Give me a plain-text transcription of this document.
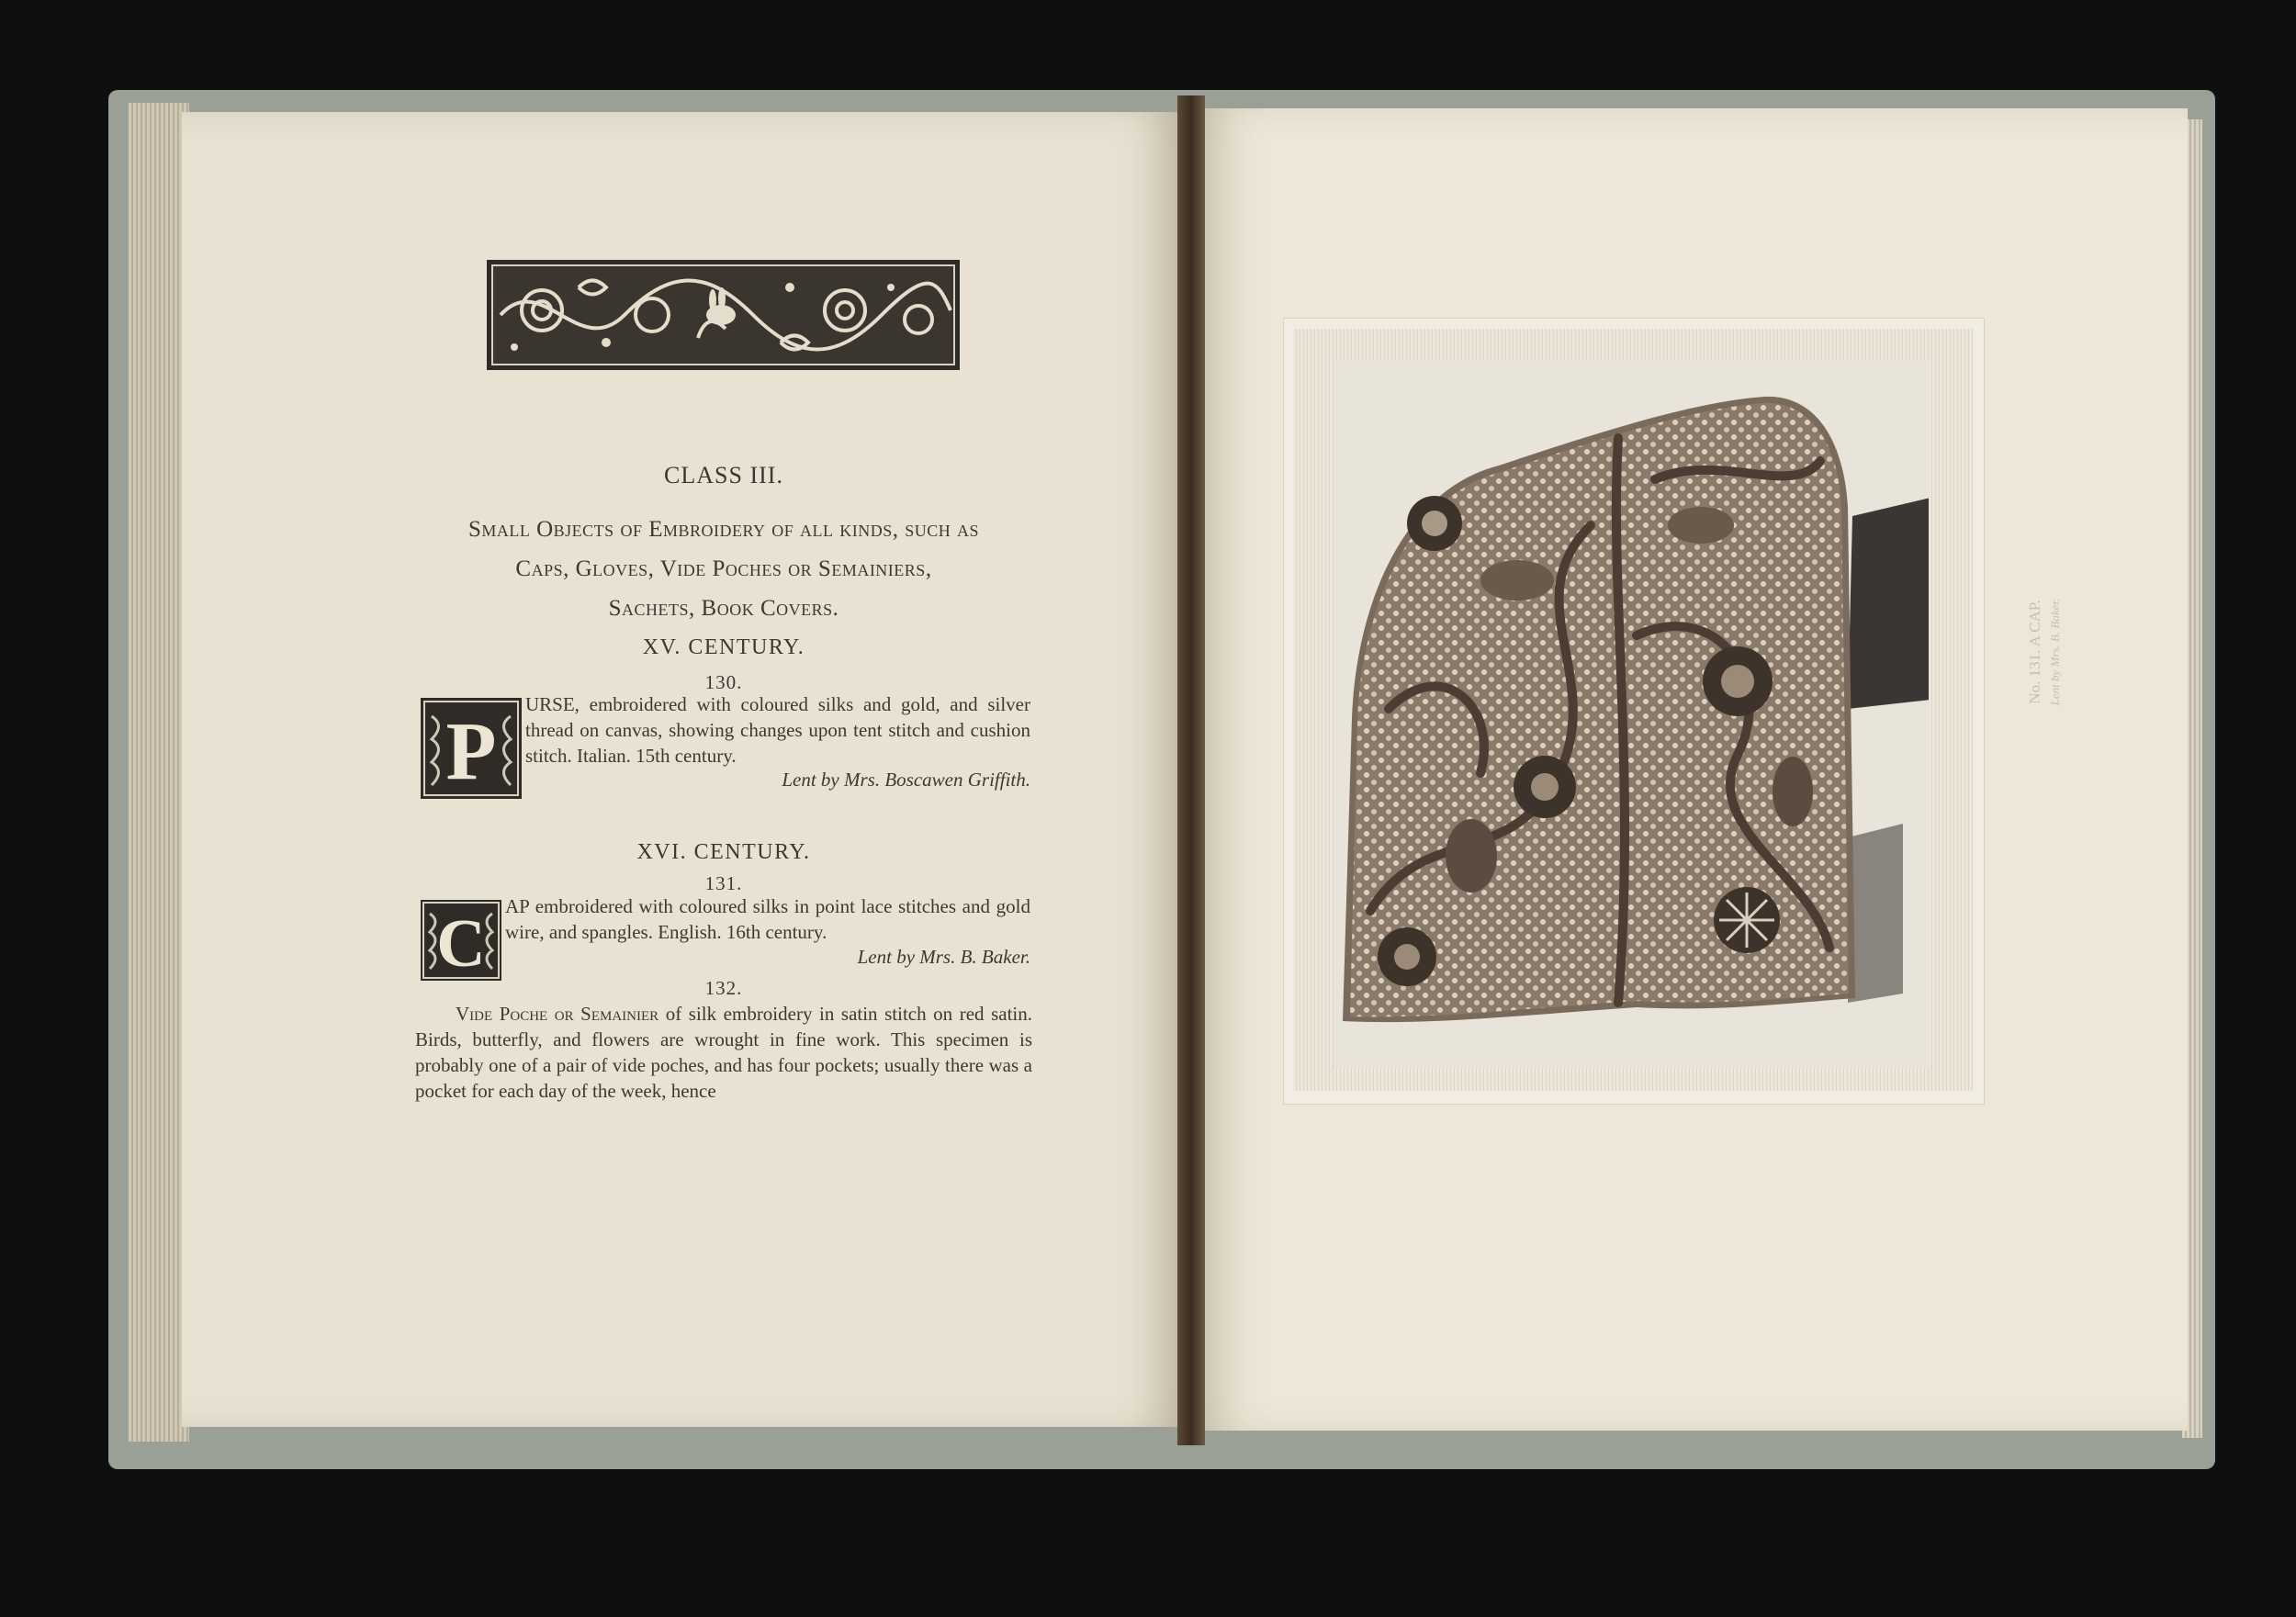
CLASS III.
Small Objects of Embroidery of all kinds, such as
Caps, Gloves, Vide Poches or Semainiers,
Sachets, Book Covers.
XV. CENTURY.
130.
P
URSE, embroidered with coloured silks and gold, and silver thread on canvas, showing changes upon tent stitch and cushion stitch. Italian. 15th century.
Lent by Mrs. Boscawen Griffith.
XVI. CENTURY.
131.
C AP embroidered with coloured silks in point lace stitches and gold wire, and spangles. English. 16th century.
Lent by Mrs. B. Baker.
132.
Vide Poche or Semainier of silk embroidery in satin stitch on red satin. Birds, butterfly, and flowers are wrought in fine work. This specimen is probably one of a pair of vide poches, and has four pockets; usually there was a pocket for each day of the week, hence
No. 131. A CAP. Lent by Mrs. B. Baker.
